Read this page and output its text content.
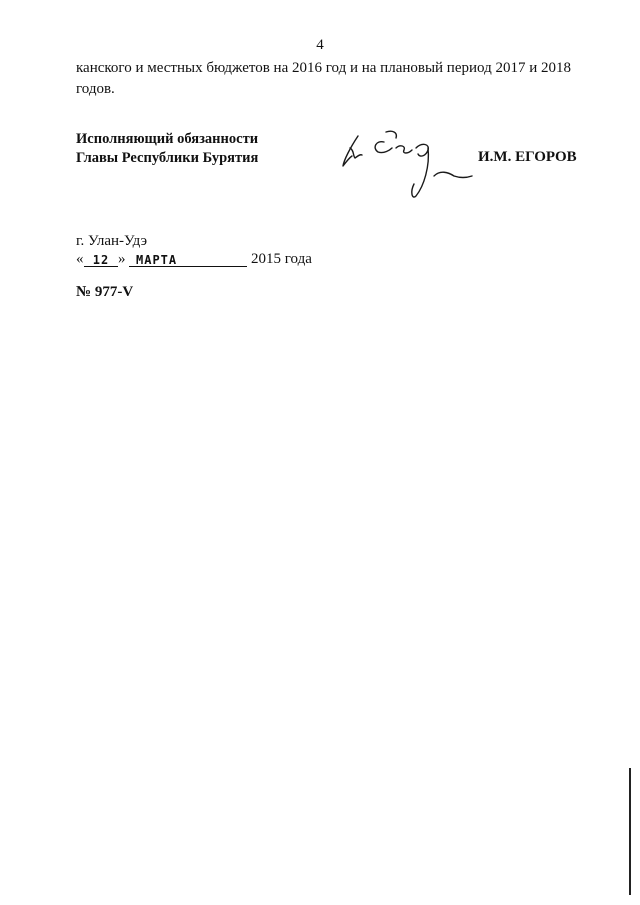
4
канского и местных бюджетов на 2016 год и на плановый период 2017 и 2018
годов.
Исполняющий обязанности
Главы Республики Бурятия	И.М. ЕГОРОВ
г. Улан-Удэ
« 12 » МАРТА	2015 года
№ 977-V
